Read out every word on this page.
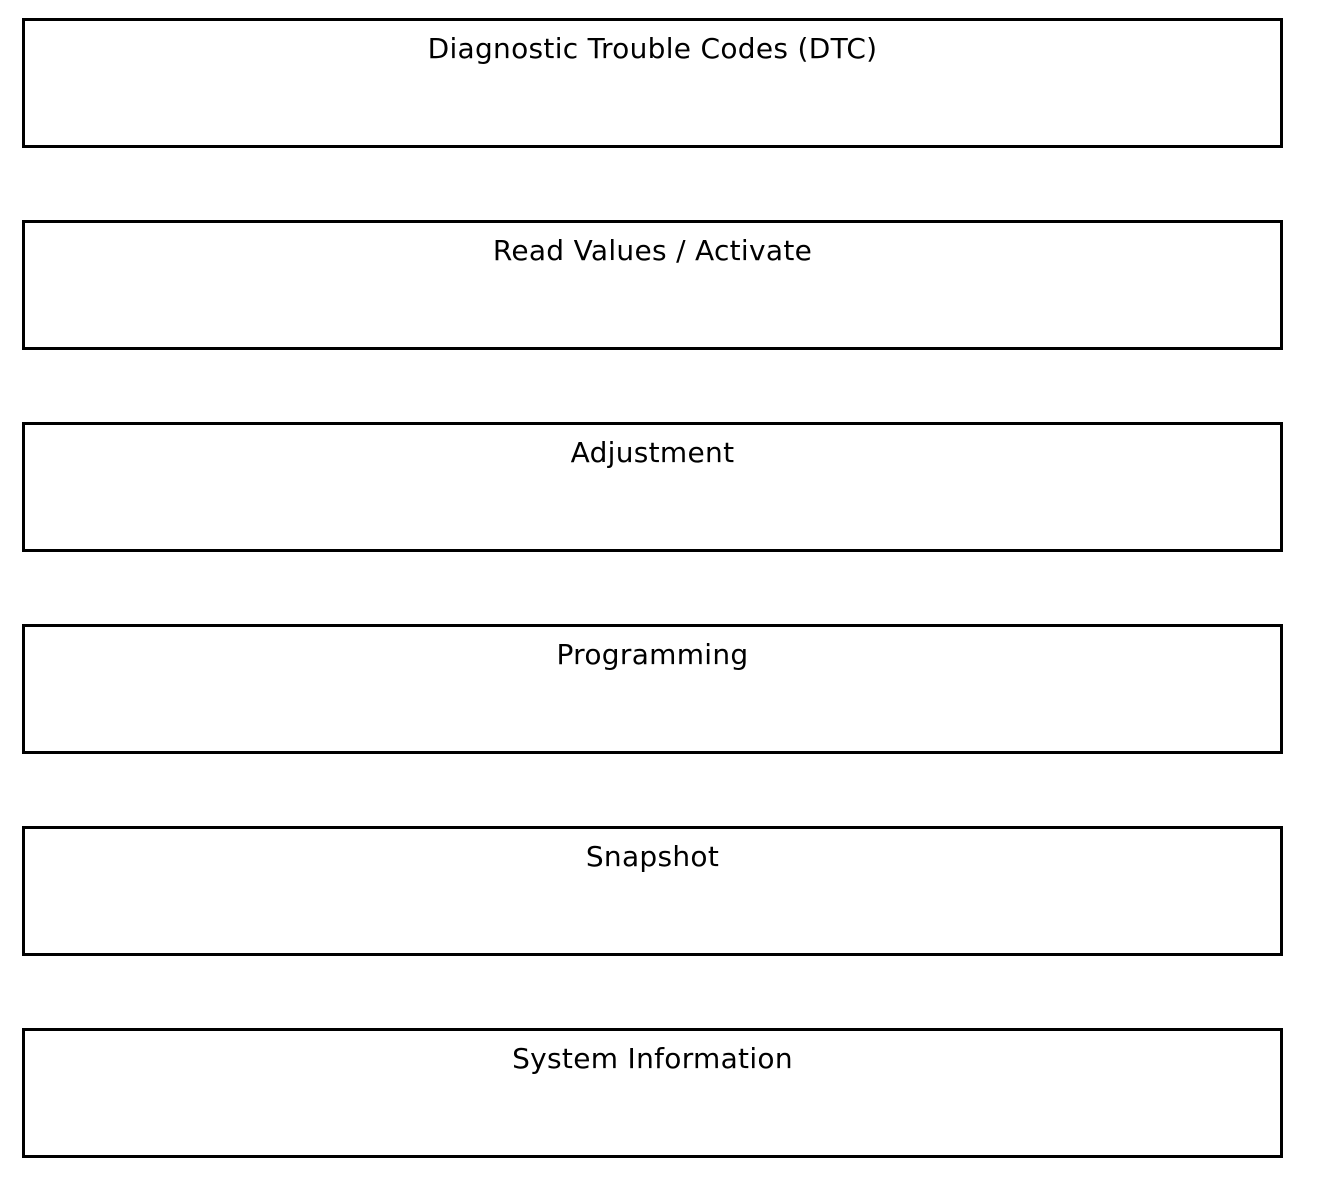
Diagnostic Trouble Codes (DTC)
Read Values / Activate
Adjustment
Programming
Snapshot
System Information
